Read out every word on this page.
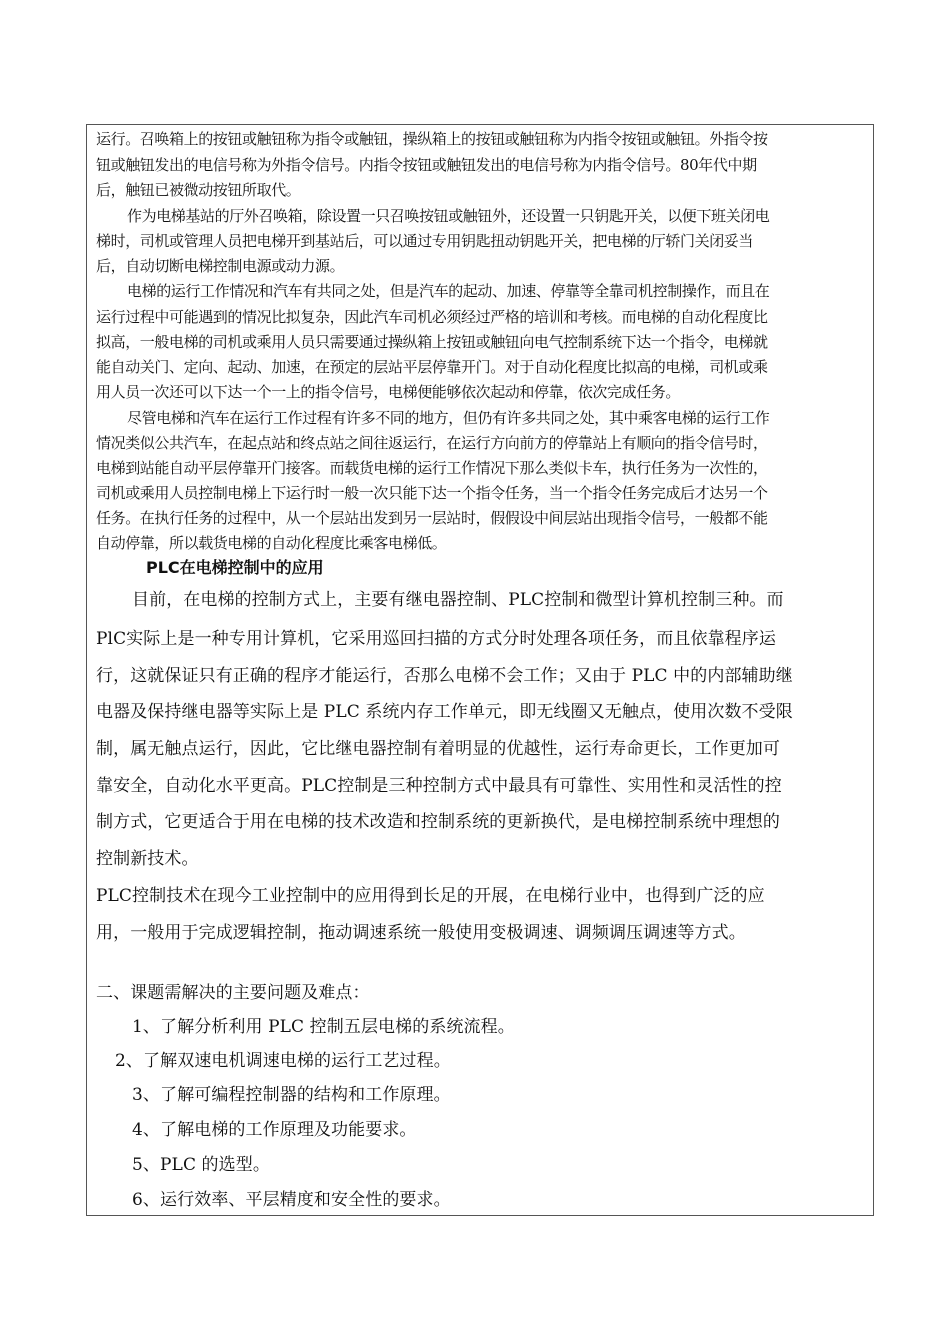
运行。召唤箱上的按钮或触钮称为指令或触钮，操纵箱上的按钮或触钮称为内指令按钮或触钮。外指令按

钮或触钮发出的电信号称为外指令信号。内指令按钮或触钮发出的电信号称为内指令信号。80年代中期

后，触钮已被微动按钮所取代。

作为电梯基站的厅外召唤箱，除设置一只召唤按钮或触钮外，还设置一只钥匙开关，以便下班关闭电

梯时，司机或管理人员把电梯开到基站后，可以通过专用钥匙扭动钥匙开关，把电梯的厅轿门关闭妥当

后，自动切断电梯控制电源或动力源。

电梯的运行工作情况和汽车有共同之处，但是汽车的起动、加速、停靠等全靠司机控制操作，而且在

运行过程中可能遇到的情况比拟复杂，因此汽车司机必须经过严格的培训和考核。而电梯的自动化程度比

拟高，一般电梯的司机或乘用人员只需要通过操纵箱上按钮或触钮向电气控制系统下达一个指令，电梯就

能自动关门、定向、起动、加速，在预定的层站平层停靠开门。对于自动化程度比拟高的电梯，司机或乘

用人员一次还可以下达一个一上的指令信号，电梯便能够依次起动和停靠，依次完成任务。

尽管电梯和汽车在运行工作过程有许多不同的地方，但仍有许多共同之处，其中乘客电梯的运行工作

情况类似公共汽车，在起点站和终点站之间往返运行，在运行方向前方的停靠站上有顺向的指令信号时，

电梯到站能自动平层停靠开门接客。而载货电梯的运行工作情况下那么类似卡车，执行任务为一次性的，

司机或乘用人员控制电梯上下运行时一般一次只能下达一个指令任务，当一个指令任务完成后才达另一个

任务。在执行任务的过程中，从一个层站出发到另一层站时，假假设中间层站出现指令信号，一般都不能

自动停靠，所以载货电梯的自动化程度比乘客电梯低。

PLC在电梯控制中的应用

目前，在电梯的控制方式上，主要有继电器控制、PLC控制和微型计算机控制三种。而

PlC实际上是一种专用计算机，它采用巡回扫描的方式分时处理各项任务，而且依靠程序运

行，这就保证只有正确的程序才能运行，否那么电梯不会工作；又由于 PLC 中的内部辅助继

电器及保持继电器等实际上是 PLC 系统内存工作单元，即无线圈又无触点，使用次数不受限

制，属无触点运行，因此，它比继电器控制有着明显的优越性，运行寿命更长，工作更加可

靠安全，自动化水平更高。PLC控制是三种控制方式中最具有可靠性、实用性和灵活性的控

制方式，它更适合于用在电梯的技术改造和控制系统的更新换代，是电梯控制系统中理想的

控制新技术。

PLC控制技术在现今工业控制中的应用得到长足的开展，在电梯行业中，也得到广泛的应

用，一般用于完成逻辑控制，拖动调速系统一般使用变极调速、调频调压调速等方式。

二、课题需解决的主要问题及难点：

1、了解分析利用 PLC 控制五层电梯的系统流程。

2、了解双速电机调速电梯的运行工艺过程。

3、了解可编程控制器的结构和工作原理。

4、了解电梯的工作原理及功能要求。

5、PLC 的选型。

6、运行效率、平层精度和安全性的要求。
